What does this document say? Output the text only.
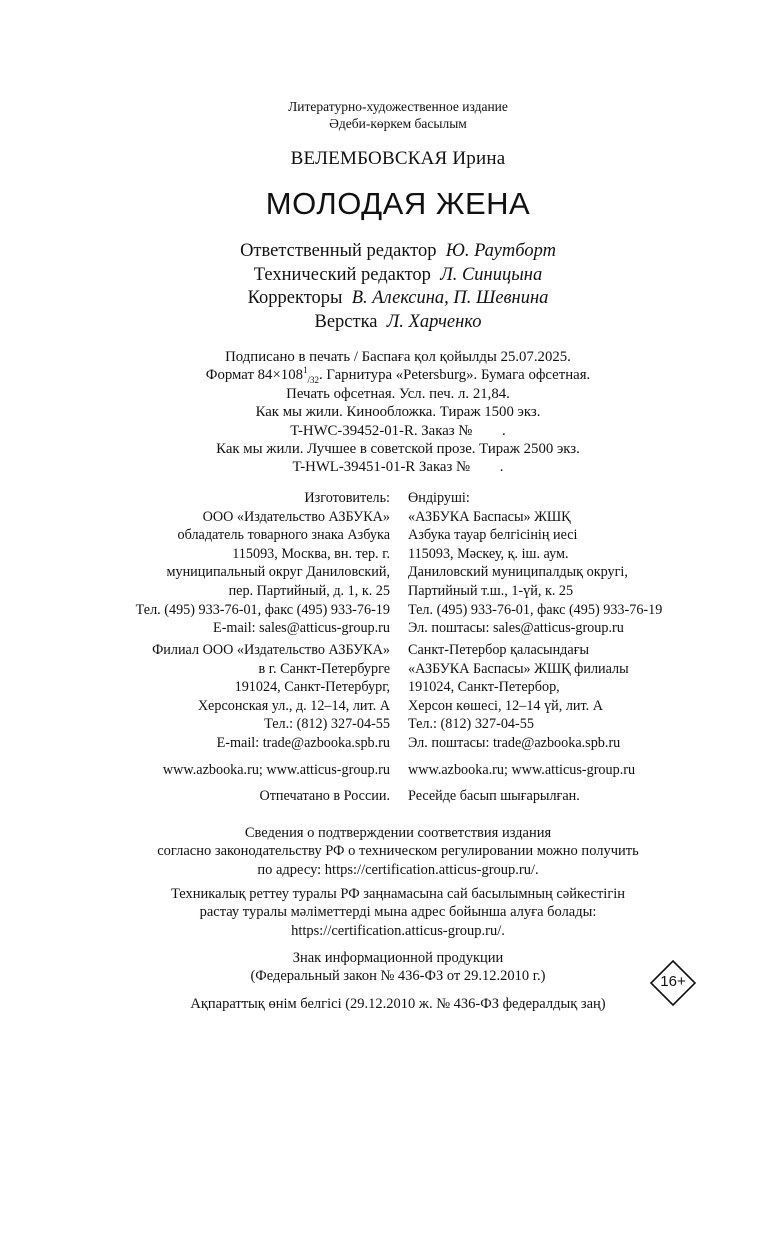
Литературно-художественное издание
Әдеби-көркем басылым
ВЕЛЕМБОВСКАЯ Ирина
МОЛОДАЯ ЖЕНА
Ответственный редактор Ю. Раутборт
Технический редактор Л. Синицына
Корректоры В. Алексина, П. Шевнина
Верстка Л. Харченко
Подписано в печать / Баспаға қол қойылды 25.07.2025.
Формат $84\times 108^1_{/32}$. Гарнитура «Petersburg». Бумага офсетная.
Печать офсетная. Усл. печ. л. 21,84.
Как мы жили. Кинообложка. Тираж 1500 экз.
T-HWC-39452-01-R. Заказ №        .
Как мы жили. Лучшее в советской прозе. Тираж 2500 экз.
T-HWL-39451-01-R Заказ №        .
Изготовитель:
ООО «Издательство АЗБУКА»
обладатель товарного знака Азбука
115093, Москва, вн. тер. г.
муниципальный округ Даниловский,
пер. Партийный, д. 1, к. 25
Тел. (495) 933-76-01, факс (495) 933-76-19
E-mail: sales@atticus-group.ru
Өндіруші:
«АЗБУКА Баспасы» ЖШҚ
Азбука тауар белгісінің иесі
115093, Мәскеу, қ. іш. аум.
Даниловский муниципалдық округі,
Партийный т.ш., 1-үй, к. 25
Тел. (495) 933-76-01, факс (495) 933-76-19
Эл. поштасы: sales@atticus-group.ru
Филиал ООО «Издательство АЗБУКА»
в г. Санкт-Петербурге
191024, Санкт-Петербург,
Херсонская ул., д. 12–14, лит. А
Тел.: (812) 327-04-55
E-mail: trade@azbooka.spb.ru
Санкт-Петербор қаласындағы
«АЗБУКА Баспасы» ЖШҚ филиалы
191024, Санкт-Петербор,
Херсон көшесі, 12–14 үй, лит. А
Тел.: (812) 327-04-55
Эл. поштасы: trade@azbooka.spb.ru
www.azbooka.ru; www.atticus-group.ru www.azbooka.ru; www.atticus-group.ru
Отпечатано в России. Ресейде басып шығарылған.
Сведения о подтверждении соответствия издания
согласно законодательству РФ о техническом регулировании можно получить
по адресу: https://certification.atticus-group.ru/.
Техникалық реттеу туралы РФ заңнамасына сай басылымның сәйкестігін
растау туралы мәліметтерді мына адрес бойынша алуға болады:
https://certification.atticus-group.ru/.
Знак информационной продукции
(Федеральный закон № 436-ФЗ от 29.12.2010 г.)
Ақпараттық өнім белгісі (29.12.2010 ж. № 436-ФЗ федералдық заң)
16+
